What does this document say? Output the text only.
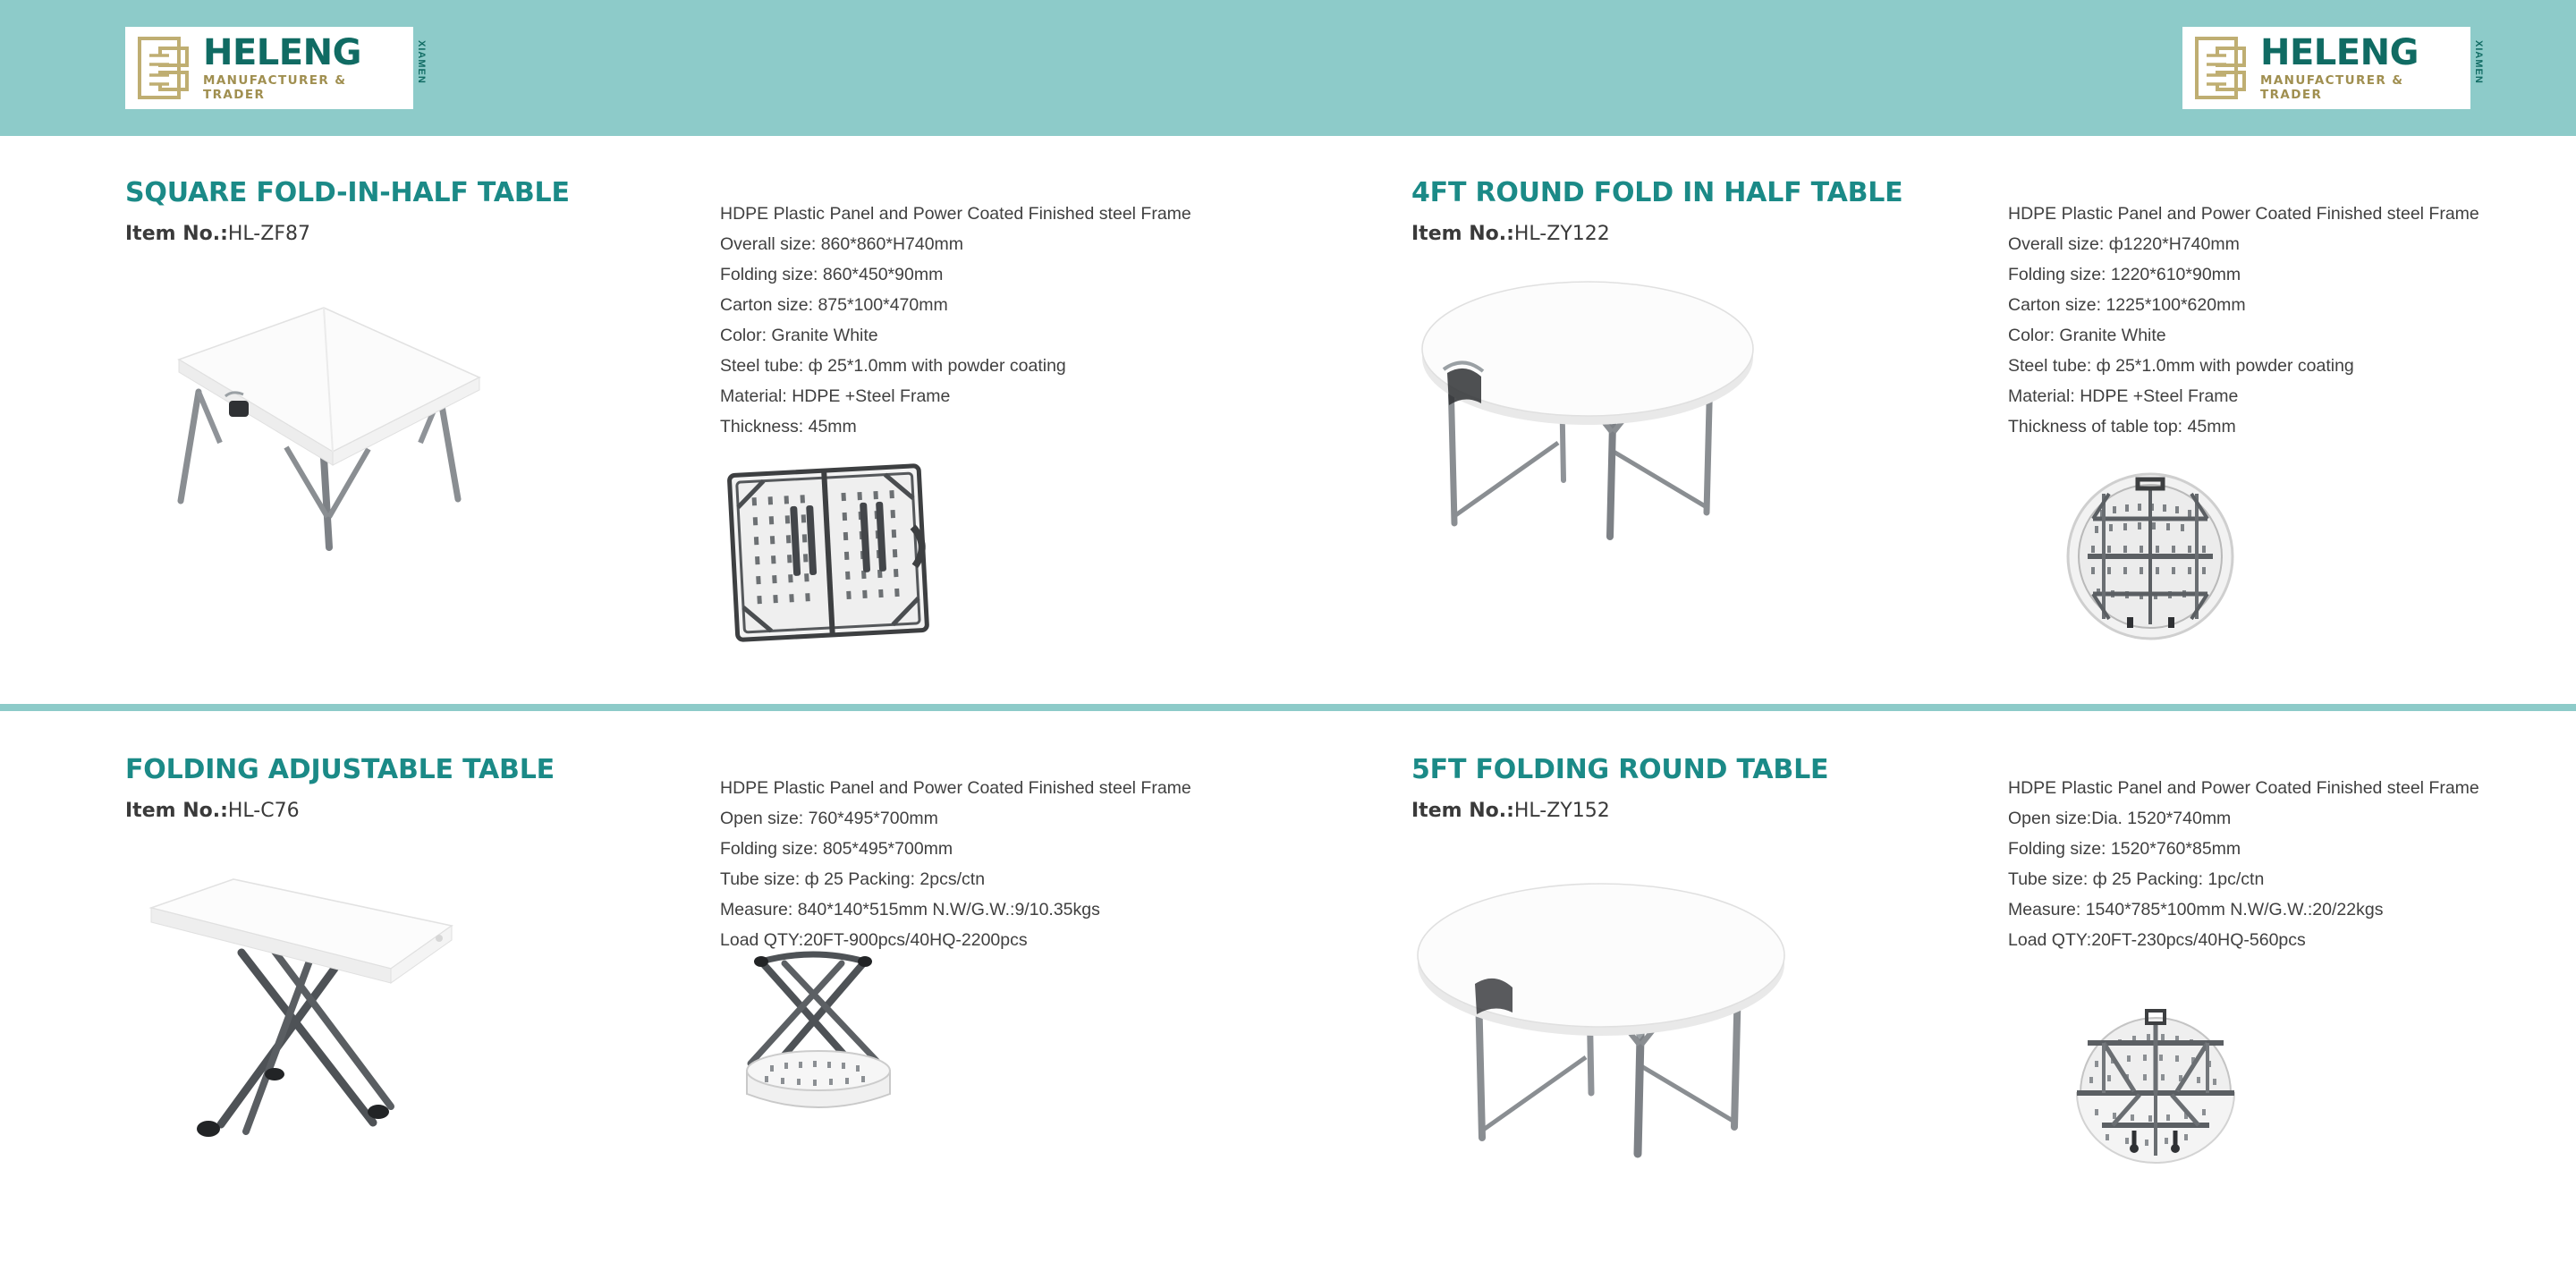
HELENG	XIAMEN
MANUFACTURER & TRADER
HELENG	XIAMEN
MANUFACTURER & TRADER
SQUARE FOLD-IN-HALF TABLE
Item No.:HL-ZF87
HDPE Plastic Panel and Power Coated Finished steel Frame
Overall size: 860*860*H740mm
Folding size: 860*450*90mm
Carton size: 875*100*470mm
Color: Granite White
Steel tube: ф 25*1.0mm with powder coating
Material: HDPE +Steel Frame
Thickness: 45mm
4FT ROUND FOLD IN HALF TABLE
Item No.:HL-ZY122
HDPE Plastic Panel and Power Coated Finished steel Frame
Overall size: ф1220*H740mm
Folding size: 1220*610*90mm
Carton size: 1225*100*620mm
Color: Granite White
Steel tube: ф 25*1.0mm with powder coating
Material: HDPE +Steel Frame
Thickness of table top: 45mm
FOLDING ADJUSTABLE TABLE
Item No.:HL-C76
HDPE Plastic Panel and Power Coated Finished steel Frame
Open size: 760*495*700mm
Folding size: 805*495*700mm
Tube size: ф 25 Packing: 2pcs/ctn
Measure: 840*140*515mm N.W/G.W.:9/10.35kgs
Load QTY:20FT-900pcs/40HQ-2200pcs
5FT FOLDING ROUND TABLE
Item No.:HL-ZY152
HDPE Plastic Panel and Power Coated Finished steel Frame
Open size:Dia. 1520*740mm
Folding size: 1520*760*85mm
Tube size: ф 25 Packing: 1pc/ctn
Measure: 1540*785*100mm N.W/G.W.:20/22kgs
Load QTY:20FT-230pcs/40HQ-560pcs
